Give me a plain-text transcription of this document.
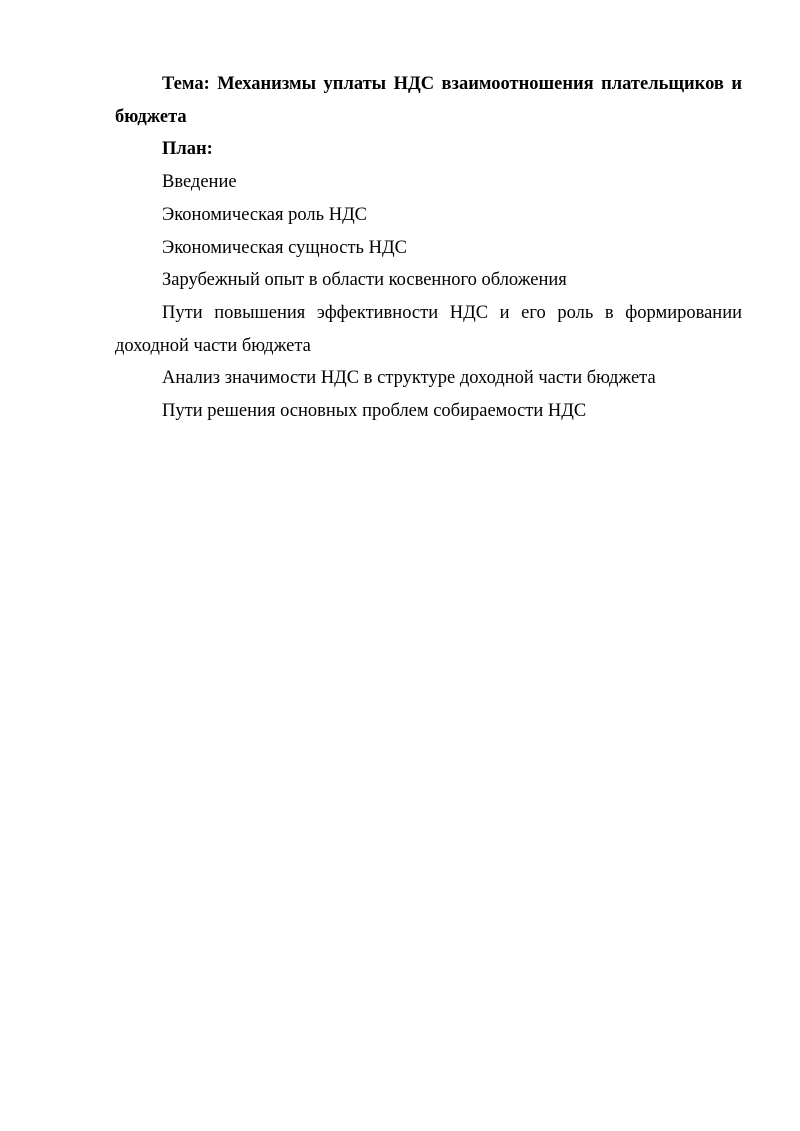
Тема: Механизмы уплаты НДС взаимоотношения плательщиков и бюджета

План:

Введение

Экономическая роль НДС

Экономическая сущность НДС

Зарубежный опыт в области косвенного обложения

Пути повышения эффективности НДС и его роль в формировании доходной части бюджета

Анализ значимости НДС в структуре доходной части бюджета

Пути решения основных проблем собираемости НДС
